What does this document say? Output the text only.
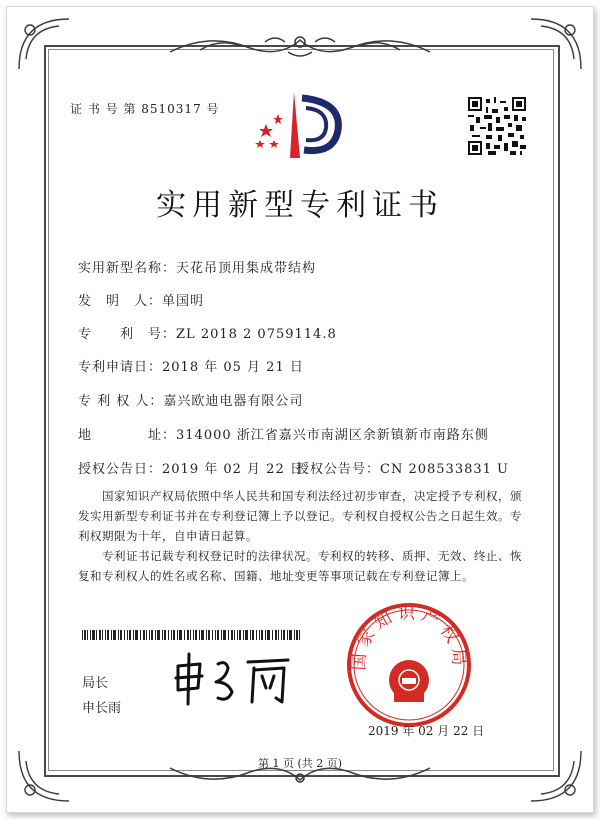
证 书 号 第 8510317 号
实用新型专利证书
实用新型名称：天花吊顶用集成带结构
发　明　人：单国明
专　　利　号：ZL 2018 2 0759114.8
专利申请日：2018 年 05 月 21 日
专 利 权 人：嘉兴欧迪电器有限公司
地　　　　址：314000 浙江省嘉兴市南湖区余新镇新市南路东侧
授权公告日：2019 年 02 月 22 日
授权公告号：CN 208533831 U
国家知识产权局依照中华人民共和国专利法经过初步审查，决定授予专利权，颁发实用新型专利证书并在专利登记簿上予以登记。专利权自授权公告之日起生效。专利权期限为十年，自申请日起算。
专利证书记载专利权登记时的法律状况。专利权的转移、质押、无效、终止、恢复和专利权人的姓名或名称、国籍、地址变更等事项记载在专利登记簿上。
局长
申长雨
国家知识产权局
2019 年 02 月 22 日
第 1 页 (共 2 页)
